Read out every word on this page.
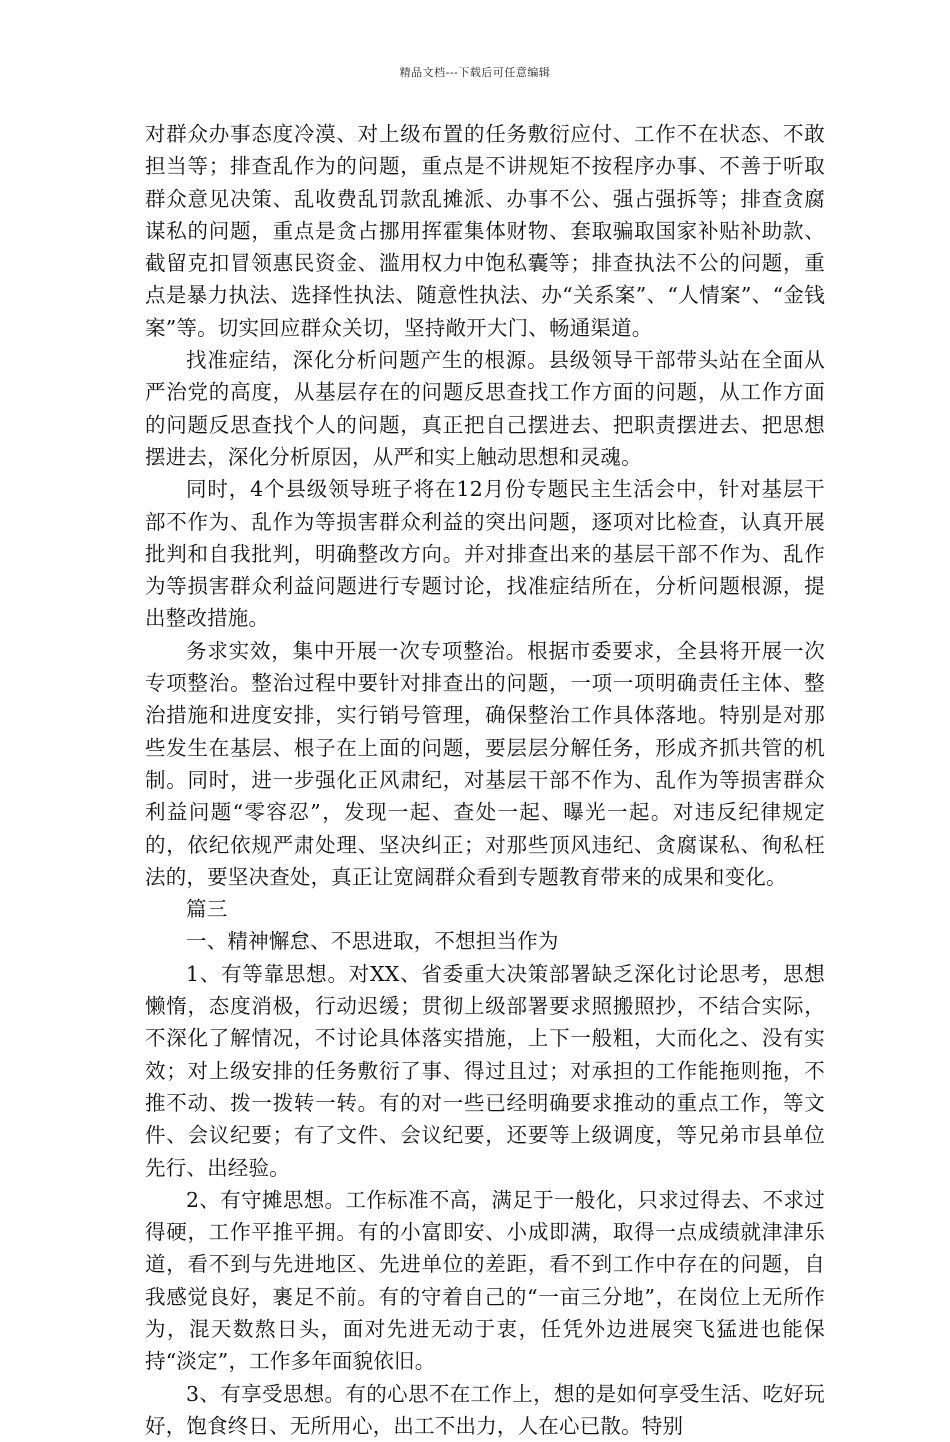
精品文档---下载后可任意编辑

对群众办事态度冷漠、对上级布置的任务敷衍应付、工作不在状态、不敢担当等；排查乱作为的问题，重点是不讲规矩不按程序办事、不善于听取群众意见决策、乱收费乱罚款乱摊派、办事不公、强占强拆等；排查贪腐谋私的问题，重点是贪占挪用挥霍集体财物、套取骗取国家补贴补助款、截留克扣冒领惠民资金、滥用权力中饱私囊等；排查执法不公的问题，重点是暴力执法、选择性执法、随意性执法、办“关系案”、“人情案”、“金钱案”等。切实回应群众关切，坚持敞开大门、畅通渠道。

找准症结，深化分析问题产生的根源。县级领导干部带头站在全面从严治党的高度，从基层存在的问题反思查找工作方面的问题，从工作方面的问题反思查找个人的问题，真正把自己摆进去、把职责摆进去、把思想摆进去，深化分析原因，从严和实上触动思想和灵魂。

同时，4个县级领导班子将在12月份专题民主生活会中，针对基层干部不作为、乱作为等损害群众利益的突出问题，逐项对比检查，认真开展批判和自我批判，明确整改方向。并对排查出来的基层干部不作为、乱作为等损害群众利益问题进行专题讨论，找准症结所在，分析问题根源，提出整改措施。

务求实效，集中开展一次专项整治。根据市委要求，全县将开展一次专项整治。整治过程中要针对排查出的问题，一项一项明确责任主体、整治措施和进度安排，实行销号管理，确保整治工作具体落地。特别是对那些发生在基层、根子在上面的问题，要层层分解任务，形成齐抓共管的机制。同时，进一步强化正风肃纪，对基层干部不作为、乱作为等损害群众利益问题“零容忍”，发现一起、查处一起、曝光一起。对违反纪律规定的，依纪依规严肃处理、坚决纠正；对那些顶风违纪、贪腐谋私、徇私枉法的，要坚决查处，真正让宽阔群众看到专题教育带来的成果和变化。

篇三

一、精神懈怠、不思进取，不想担当作为

1、有等靠思想。对XX、省委重大决策部署缺乏深化讨论思考，思想懒惰，态度消极，行动迟缓；贯彻上级部署要求照搬照抄，不结合实际，不深化了解情况，不讨论具体落实措施，上下一般粗，大而化之、没有实效；对上级安排的任务敷衍了事、得过且过；对承担的工作能拖则拖，不推不动、拨一拨转一转。有的对一些已经明确要求推动的重点工作，等文件、会议纪要；有了文件、会议纪要，还要等上级调度，等兄弟市县单位先行、出经验。

2、有守摊思想。工作标准不高，满足于一般化，只求过得去、不求过得硬，工作平推平拥。有的小富即安、小成即满，取得一点成绩就津津乐道，看不到与先进地区、先进单位的差距，看不到工作中存在的问题，自我感觉良好，裹足不前。有的守着自己的“一亩三分地”，在岗位上无所作为，混天数熬日头，面对先进无动于衷，任凭外边进展突飞猛进也能保持“淡定”，工作多年面貌依旧。

3、有享受思想。有的心思不在工作上，想的是如何享受生活、吃好玩好，饱食终日、无所用心，出工不出力，人在心已散。特别
